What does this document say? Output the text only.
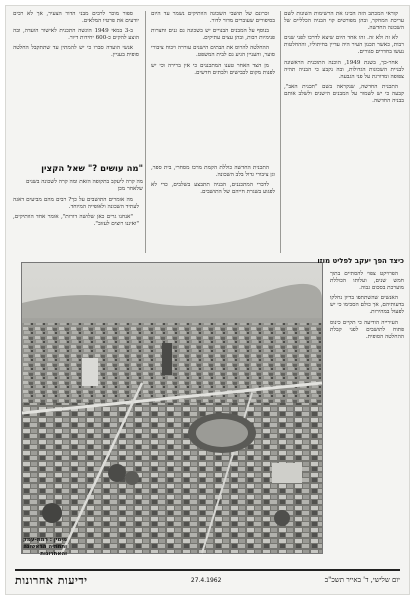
קוראי המכתב הזה הכינו את הרשימות השונות לשם עריכת המחקר, ובהן מפורטים קוי הבניה הכלליים של השכונה החדשה.

לא זה ולא זה. זהו אחד היום שיצא לדרכו לפני שנים רבות, כאשר תכנון העיר היה עדיין בחיתוליו, וההחלטות נעשו בחדרים סגורים.

אחר-כך, בשנת 1949, הוכנה התוכנית הראשונה לבניית השכונות הגדולות, ובה נקבע כי הבניה תהיה צפופה ומדורגת על פני הגבעה.

התכנית החדשה, שנקראה בשם "תכנית האב", קבעה כי יש לשמור על המבנים הישנים ולשלב אותם בבניה החדשה.

זכרונם של תושבי השכונה הוותיקים נשמר עד היום בסיפורים שעוברים מדור לדור.

בנוסף על המבנים הבנויים יש בשכונה גם גנים וחצרות פנימיות רבות, ובהן עצים עתיקים.

ההחלטה להרוס את הבתים הישנים עוררה ויכוח ציבורי סוער, והעניין הגיע גם לבית המשפט.

מן הצד האחר טענו המתכננים כי אין ברירה וכי יש לפנות מקום לכבישים ולבתים חדשים.

ספור מוכר לרבים מבני הדור הצעיר, אך לא רבים יודעים את פרטיו המלאים.

ב-3 במאי 1949 הוגשה התכנית לאישור הועדה, ובה הוצע להקים כ-600 יחידות דיור.

אנשי הועדה סברו כי יש להמתין עד שתתקבל החלטה סופית בעניין.

"מה עושים ?" שאל הקצין
מה קרה ליעקב בתקופה הזאת ומה קרה לשכונה בשנים שלאחר מכן

מה אומרים התושבים על כך? רבים מהם מביעים דאגה לעתיד השכונה ולאופייה המיוחד.

"אנחנו גרים כאן שלושה דורות", אומר אחד הוותיקים, "ואיננו רוצים לעזוב".

התכנית החדשה כוללת הקמת מרכז מסחרי, בית ספר, וגן ציבורי גדול בלב השכונה.

לדברי המתכננים, הבניה תתבצע בשלבים, כדי לא לפגוע בשגרת חייהם של התושבים.

כיצד הפך יעקב לפליט מוזו

הפרויקט צפוי להסתיים בתוך חמש שנים, ועלותו הכוללת מוערכת בסכום גבוה.

האנשים שהשתתפו בדיון נחלקו בדעותיהם, אך כולם הסכימו כי יש לפעול במהירות.

העירייה הודיעה כי תקיים כינוס פתוח לתושבים לפני קבלת ההחלטה הסופית.

מימין : רמת-עמק ותחתיה הראשונה והאחרונות
יום שלישי, ד' באייר תשכ"ב
27.4.1962
ידיעות אחרונות
